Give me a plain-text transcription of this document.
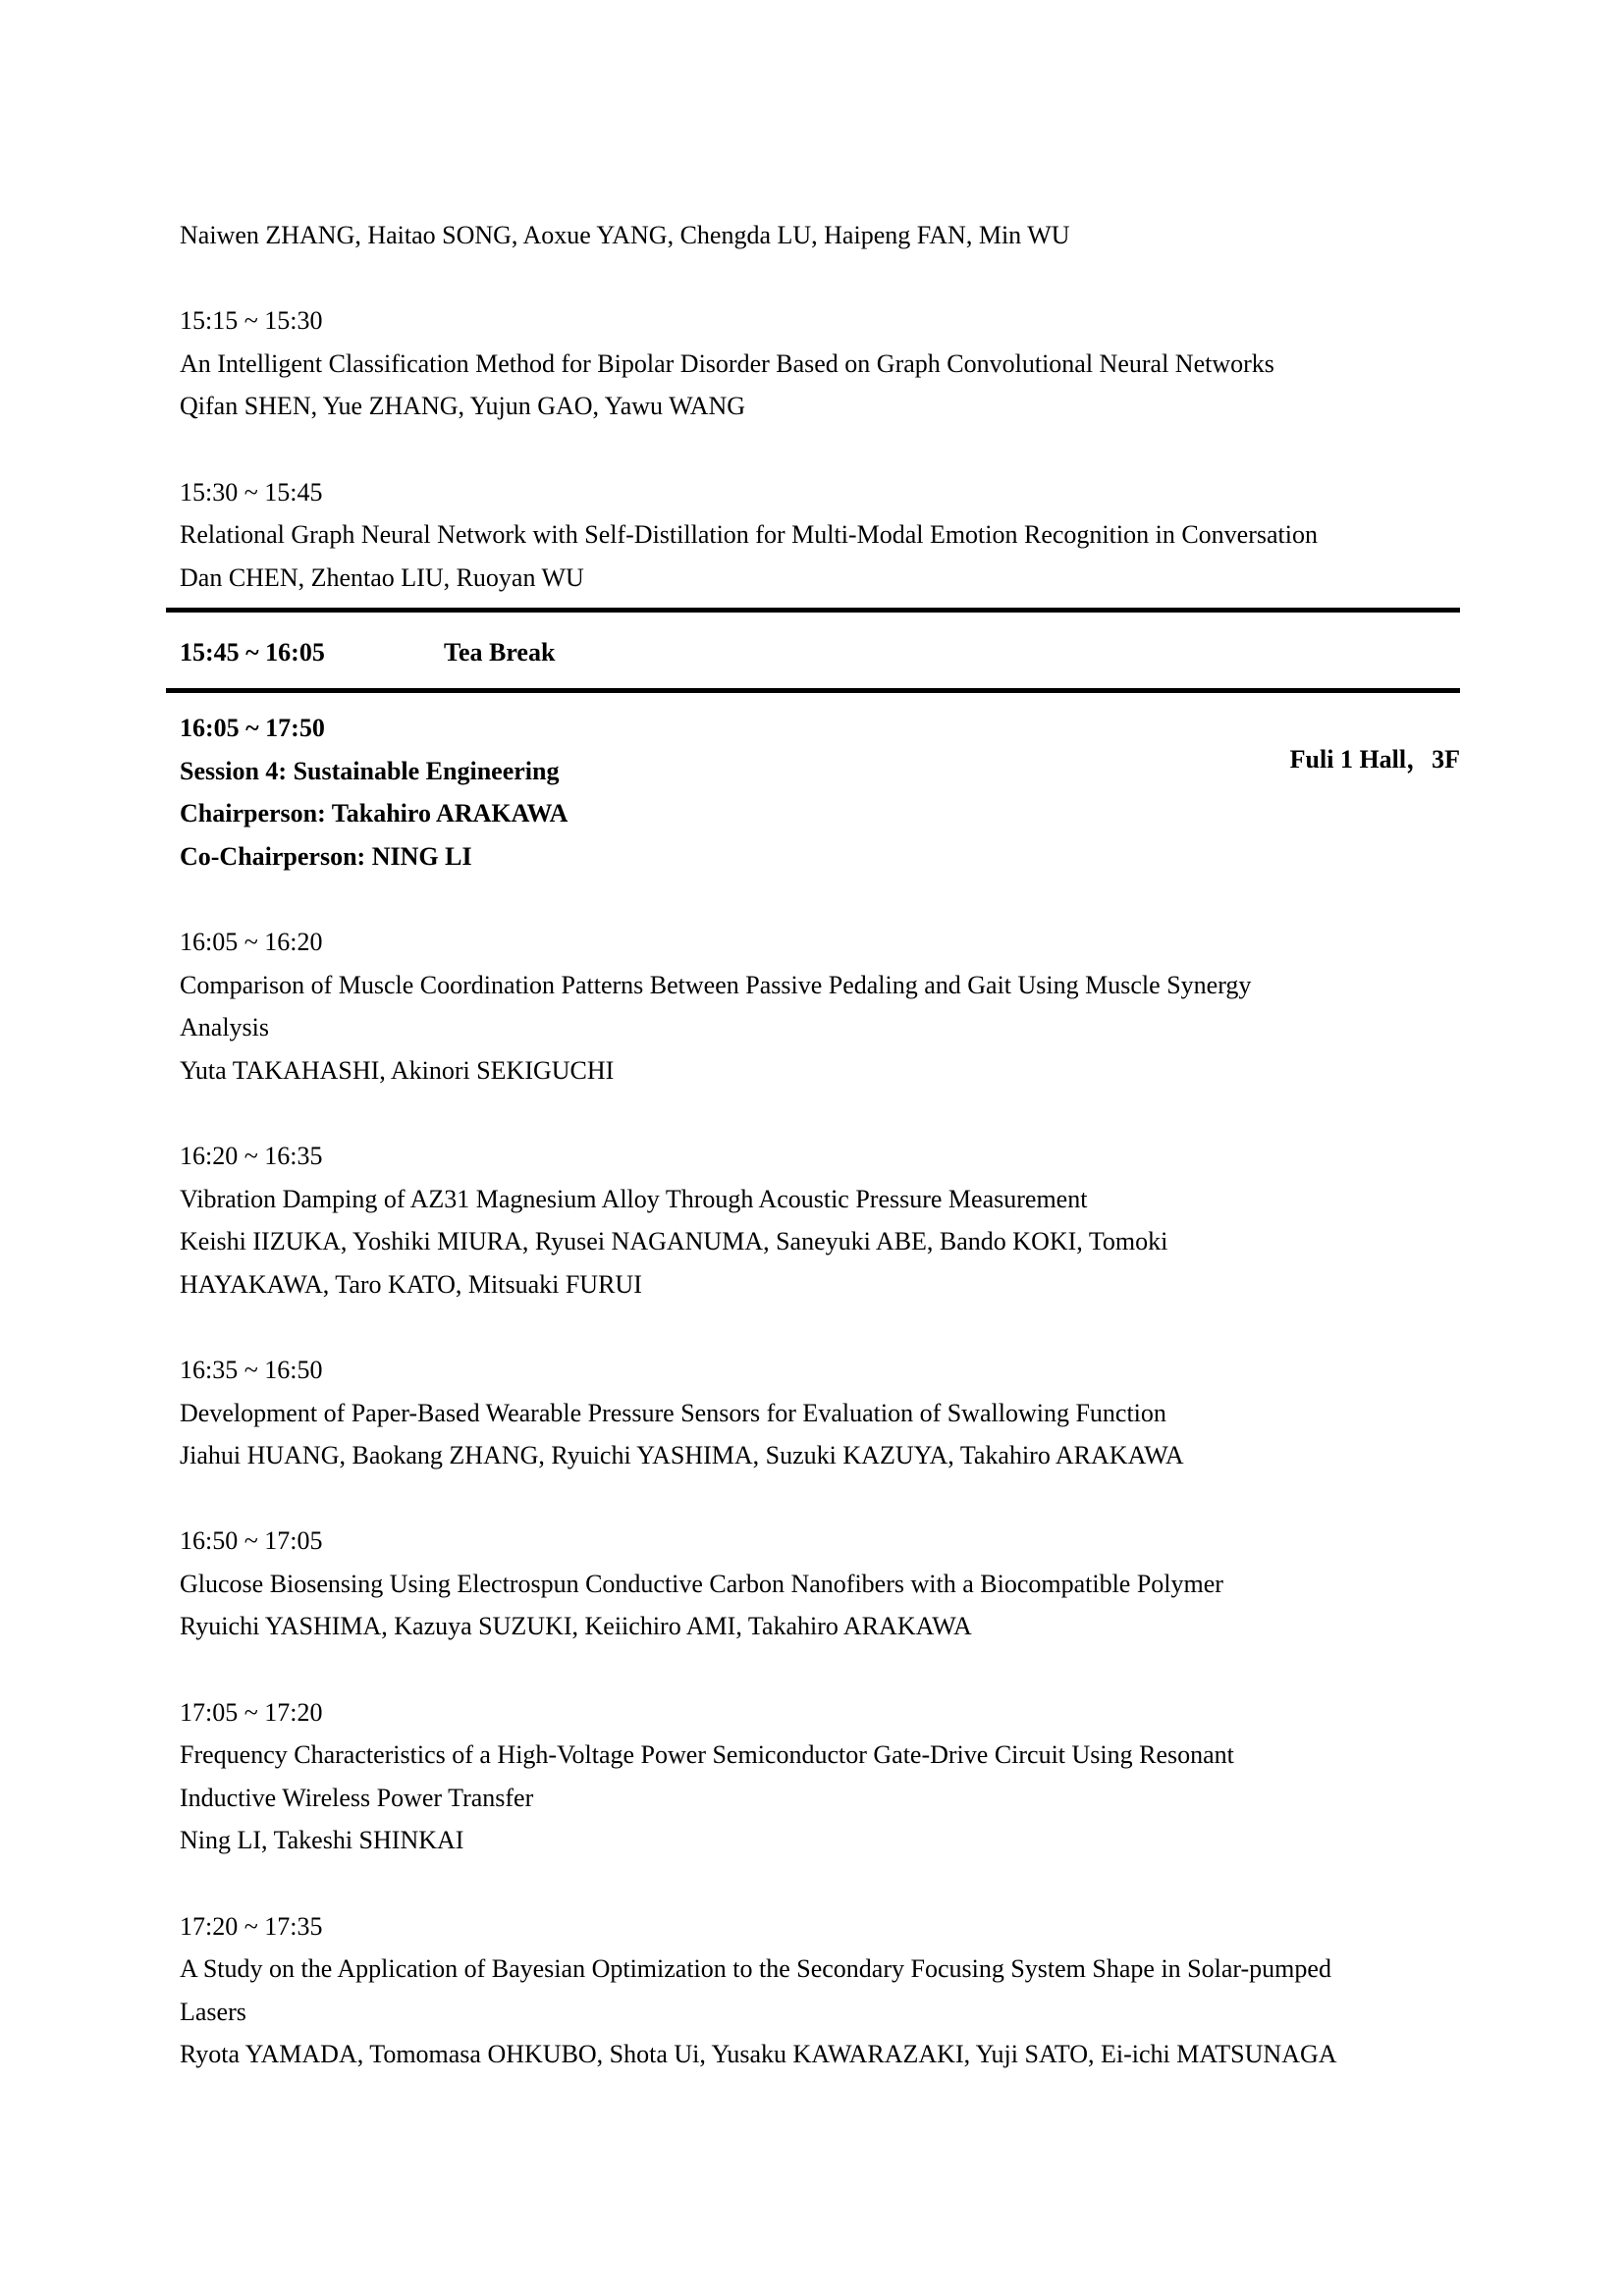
Naiwen ZHANG, Haitao SONG, Aoxue YANG, Chengda LU, Haipeng FAN, Min WU
15:15 ~ 15:30
An Intelligent Classification Method for Bipolar Disorder Based on Graph Convolutional Neural Networks
Qifan SHEN, Yue ZHANG, Yujun GAO, Yawu WANG
15:30 ~ 15:45
Relational Graph Neural Network with Self-Distillation for Multi-Modal Emotion Recognition in Conversation
Dan CHEN, Zhentao LIU, Ruoyan WU
15:45 ~ 16:05	Tea Break
16:05 ~ 17:50
Session 4: Sustainable Engineering
Chairperson: Takahiro ARAKAWA
Co-Chairperson: NING LI
16:05 ~ 16:20
Comparison of Muscle Coordination Patterns Between Passive Pedaling and Gait Using Muscle Synergy
Analysis
Yuta TAKAHASHI, Akinori SEKIGUCHI
16:20 ~ 16:35
Vibration Damping of AZ31 Magnesium Alloy Through Acoustic Pressure Measurement
Keishi IIZUKA, Yoshiki MIURA, Ryusei NAGANUMA, Saneyuki ABE, Bando KOKI, Tomoki
HAYAKAWA, Taro KATO, Mitsuaki FURUI
16:35 ~ 16:50
Development of Paper-Based Wearable Pressure Sensors for Evaluation of Swallowing Function
Jiahui HUANG, Baokang ZHANG, Ryuichi YASHIMA, Suzuki KAZUYA, Takahiro ARAKAWA
16:50 ~ 17:05
Glucose Biosensing Using Electrospun Conductive Carbon Nanofibers with a Biocompatible Polymer
Ryuichi YASHIMA, Kazuya SUZUKI, Keiichiro AMI, Takahiro ARAKAWA
17:05 ~ 17:20
Frequency Characteristics of a High-Voltage Power Semiconductor Gate-Drive Circuit Using Resonant
Inductive Wireless Power Transfer
Ning LI, Takeshi SHINKAI
17:20 ~ 17:35
A Study on the Application of Bayesian Optimization to the Secondary Focusing System Shape in Solar-pumped
Lasers
Ryota YAMADA, Tomomasa OHKUBO, Shota Ui, Yusaku KAWARAZAKI, Yuji SATO, Ei-ichi MATSUNAGA
Fuli 1 Hall，3F
